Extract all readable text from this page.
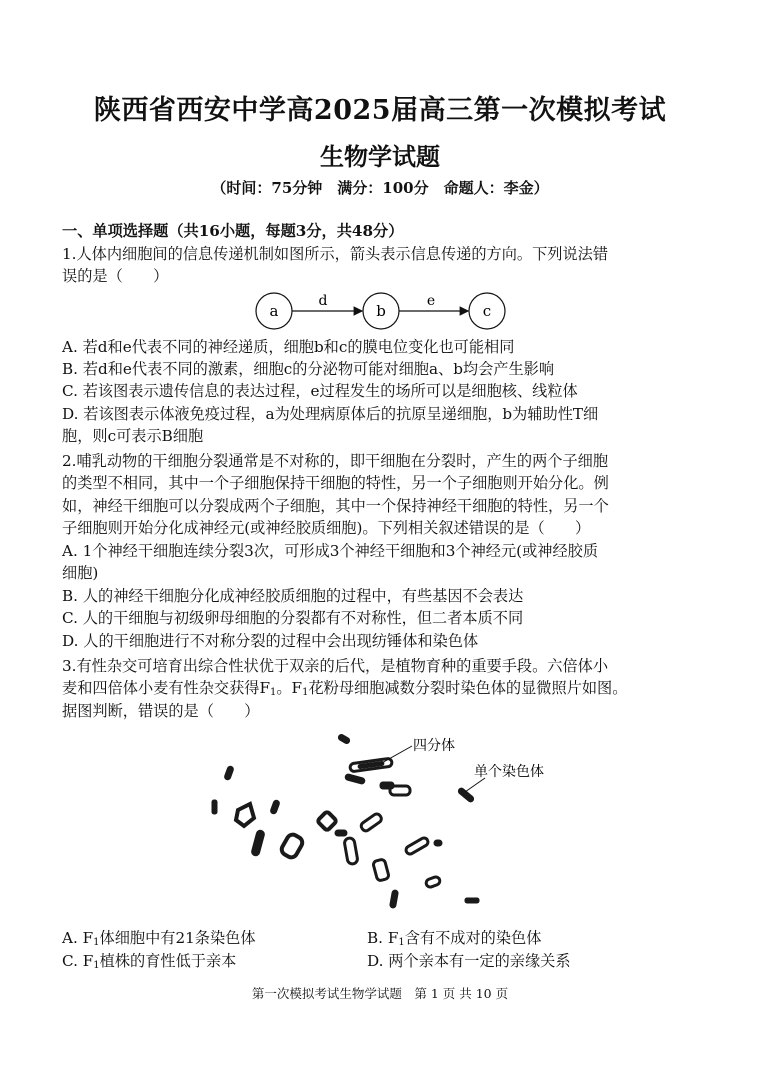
陕西省西安中学高2025届高三第一次模拟考试
生物学试题
（时间：75分钟　满分：100分　命题人：李金）
一、单项选择题（共16小题，每题3分，共48分）
1.人体内细胞间的信息传递机制如图所示，箭头表示信息传递的方向。下列说法错
误的是（　　）
a
d
b
e
c
A. 若d和e代表不同的神经递质，细胞b和c的膜电位变化也可能相同
B. 若d和e代表不同的激素，细胞c的分泌物可能对细胞a、b均会产生影响
C. 若该图表示遗传信息的表达过程，e过程发生的场所可以是细胞核、线粒体
D. 若该图表示体液免疫过程，a为处理病原体后的抗原呈递细胞，b为辅助性T细
胞，则c可表示B细胞
2.哺乳动物的干细胞分裂通常是不对称的，即干细胞在分裂时，产生的两个子细胞
的类型不相同，其中一个子细胞保持干细胞的特性，另一个子细胞则开始分化。例
如，神经干细胞可以分裂成两个子细胞，其中一个保持神经干细胞的特性，另一个
子细胞则开始分化成神经元(或神经胶质细胞)。下列相关叙述错误的是（　　）
A. 1个神经干细胞连续分裂3次，可形成3个神经干细胞和3个神经元(或神经胶质
细胞)
B. 人的神经干细胞分化成神经胶质细胞的过程中，有些基因不会表达
C. 人的干细胞与初级卵母细胞的分裂都有不对称性，但二者本质不同
D. 人的干细胞进行不对称分裂的过程中会出现纺锤体和染色体
3.有性杂交可培育出综合性状优于双亲的后代，是植物育种的重要手段。六倍体小
麦和四倍体小麦有性杂交获得$F_1$。$F_1$花粉母细胞减数分裂时染色体的显微照片如图。
据图判断，错误的是（　　）
四分体
单个染色体
A. $F_1$体细胞中有21条染色体	B. $F_1$含有不成对的染色体
C. $F_1$植株的育性低于亲本	D. 两个亲本有一定的亲缘关系
第一次模拟考试生物学试题　第 1 页 共 10 页
